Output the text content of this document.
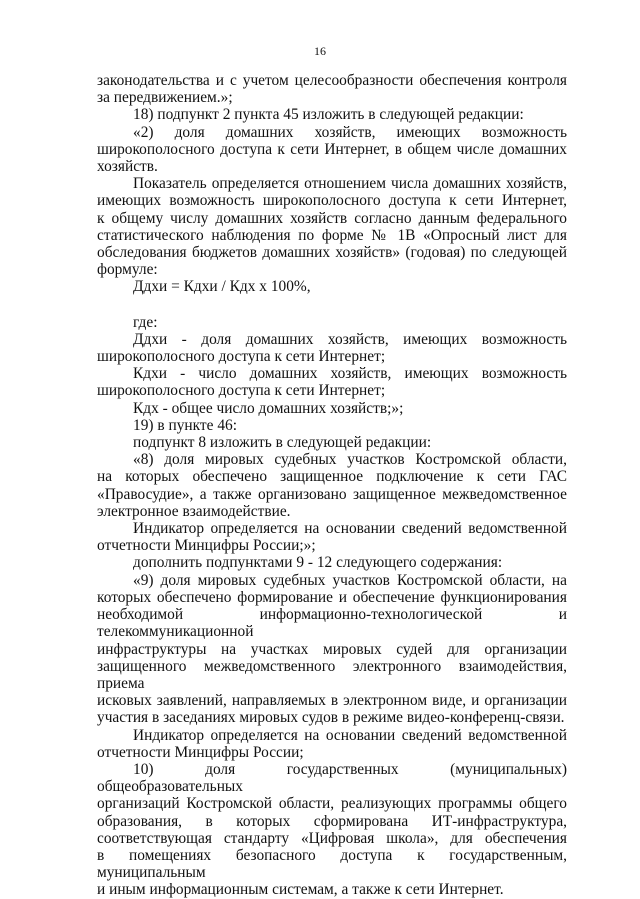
16

законодательства и с учетом целесообразности обеспечения контроля
за передвижением.»;

18) подпункт 2 пункта 45 изложить в следующей редакции:

«2) доля домашних хозяйств, имеющих возможность
широкополосного доступа к сети Интернет, в общем числе домашних
хозяйств.

Показатель определяется отношением числа домашних хозяйств,
имеющих возможность широкополосного доступа к сети Интернет,
к общему числу домашних хозяйств согласно данным федерального
статистического наблюдения по форме № 1В «Опросный лист для
обследования бюджетов домашних хозяйств» (годовая) по следующей
формуле:

Ддхи = Кдхи / Кдх x 100%,

где:

Ддхи - доля домашних хозяйств, имеющих возможность
широкополосного доступа к сети Интернет;

Кдхи - число домашних хозяйств, имеющих возможность
широкополосного доступа к сети Интернет;

Кдх - общее число домашних хозяйств;»;

19) в пункте 46:

подпункт 8 изложить в следующей редакции:

«8) доля мировых судебных участков Костромской области,
на которых обеспечено защищенное подключение к сети ГАС
«Правосудие», а также организовано защищенное межведомственное
электронное взаимодействие.

Индикатор определяется на основании сведений ведомственной
отчетности Минцифры России;»;

дополнить подпунктами 9 - 12 следующего содержания:

«9) доля мировых судебных участков Костромской области, на
которых обеспечено формирование и обеспечение функционирования
необходимой информационно-технологической и телекоммуникационной
инфраструктуры на участках мировых судей для организации
защищенного межведомственного электронного взаимодействия, приема
исковых заявлений, направляемых в электронном виде, и организации
участия в заседаниях мировых судов в режиме видео-конференц-связи.

Индикатор определяется на основании сведений ведомственной
отчетности Минцифры России;

10) доля государственных (муниципальных) общеобразовательных
организаций Костромской области, реализующих программы общего
образования, в которых сформирована ИТ-инфраструктура,
соответствующая стандарту «Цифровая школа», для обеспечения
в помещениях безопасного доступа к государственным, муниципальным
и иным информационным системам, а также к сети Интернет.
